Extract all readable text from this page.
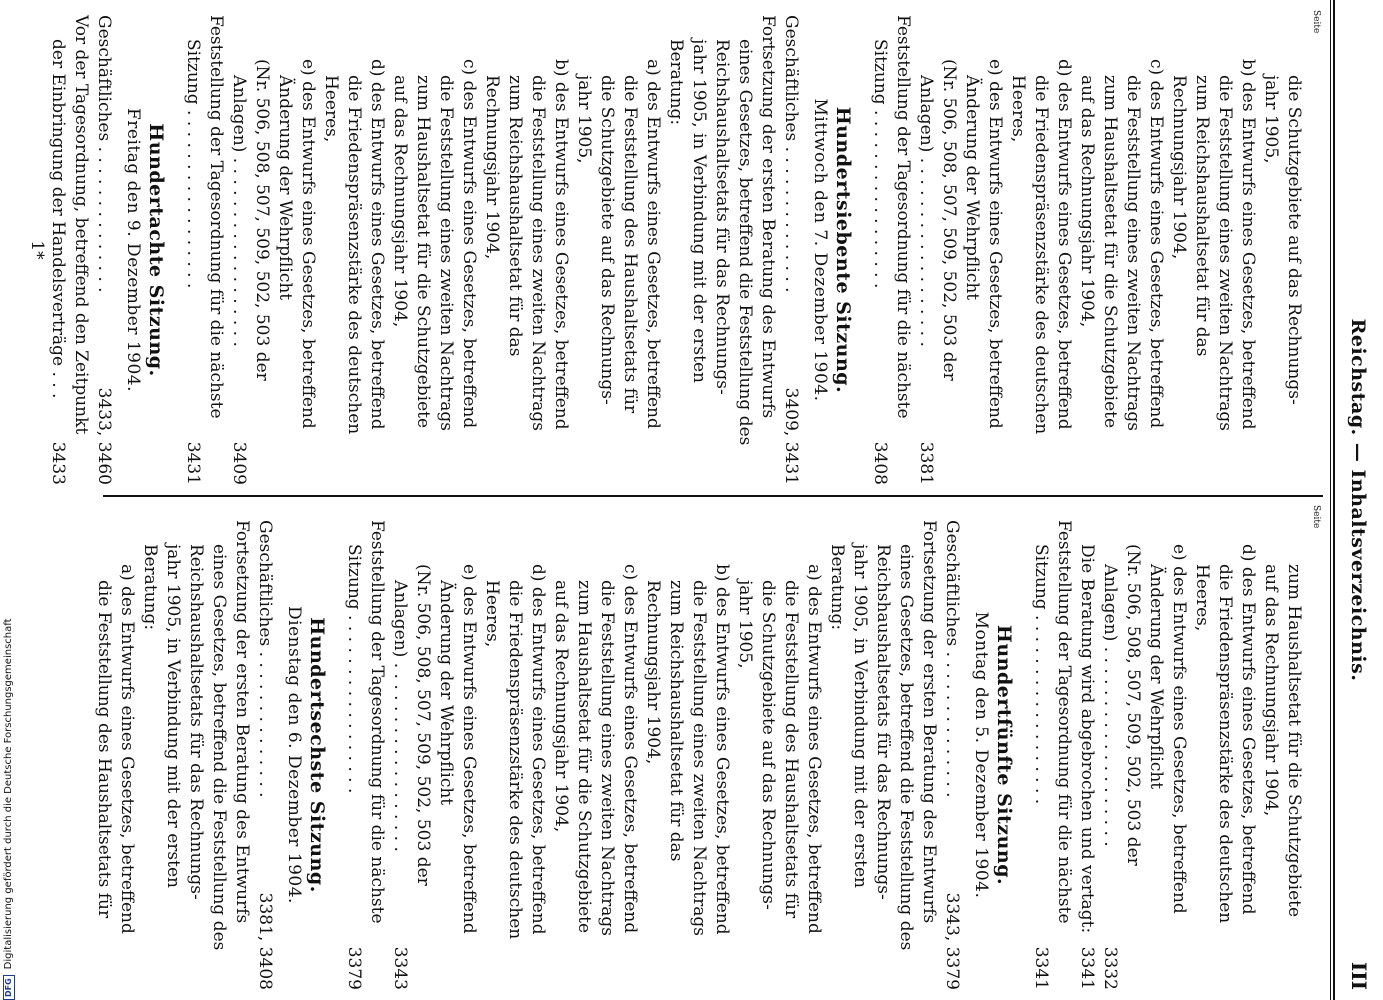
DFG
Digitalisierung gefördert durch die Deutsche Forschungsgemeinschaft
Reichstag. — Inhaltsverzeichnis.
III
Seite
Seite
die Schutzgebiete auf das Rechnungs-
jahr 1905,
b) des Entwurfs eines Gesetzes, betreffend
die Feststellung eines zweiten Nachtrags
zum Reichshaushaltsetat für das
Rechnungsjahr 1904,
c) des Entwurfs eines Gesetzes, betreffend
die Feststellung eines zweiten Nachtrags
zum Haushaltsetat für die Schutzgebiete
auf das Rechnungsjahr 1904,
d) des Entwurfs eines Gesetzes, betreffend
die Friedenspräsenzstärke des deutschen
Heeres,
e) des Entwurfs eines Gesetzes, betreffend
Änderung der Wehrpflicht
(Nr. 506, 508, 507, 509, 502, 503 der
Anlagen) . . . . . . . . . . . . . . . . . .
3381
Feststellung der Tagesordnung für die nächste
Sitzung . . . . . . . . . . . . . . . . .
3408
Hundertsiebente Sitzung.
Mittwoch den 7. Dezember 1904.
Geschäftliches . . . . . . . . . . . . . .
3409, 3431
Fortsetzung der ersten Beratung des Entwurfs
eines Gesetzes, betreffend die Feststellung des
Reichshaushaltsetats für das Rechnungs-
jahr 1905, in Verbindung mit der ersten
Beratung:
a) des Entwurfs eines Gesetzes, betreffend
die Feststellung des Haushaltsetats für
die Schutzgebiete auf das Rechnungs-
jahr 1905,
b) des Entwurfs eines Gesetzes, betreffend
die Feststellung eines zweiten Nachtrags
zum Reichshaushaltsetat für das
Rechnungsjahr 1904,
c) des Entwurfs eines Gesetzes, betreffend
die Feststellung eines zweiten Nachtrags
zum Haushaltsetat für die Schutzgebiete
auf das Rechnungsjahr 1904,
d) des Entwurfs eines Gesetzes, betreffend
die Friedenspräsenzstärke des deutschen
Heeres,
e) des Entwurfs eines Gesetzes, betreffend
Änderung der Wehrpflicht
(Nr. 506, 508, 507, 509, 502, 503 der
Anlagen) . . . . . . . . . . . . . . . . . .
3409
Feststellung der Tagesordnung für die nächste
Sitzung . . . . . . . . . . . . . . . . .
3431
Hundertachte Sitzung.
Freitag den 9. Dezember 1904.
Geschäftliches . . . . . . . . . . . . . .
3433, 3460
Vor der Tagesordnung, betreffend den Zeitpunkt
der Einbringung der Handelsverträge . . .
3433
1*
zum Haushaltsetat für die Schutzgebiete
auf das Rechnungsjahr 1904,
d) des Entwurfs eines Gesetzes, betreffend
die Friedenspräsenzstärke des deutschen
Heeres,
e) des Entwurfs eines Gesetzes, betreffend
Änderung der Wehrpflicht
(Nr. 506, 508, 507, 509, 502, 503 der
Anlagen) . . . . . . . . . . . . . . . . . . .
3332
Die Beratung wird abgebrochen und vertagt:
3341
Feststellung der Tagesordnung für die nächste
Sitzung . . . . . . . . . . . . . . . . . .
3341
Hundertfünfte Sitzung.
Montag den 5. Dezember 1904.
Geschäftliches . . . . . . . . . . . . . .
3343, 3379
Fortsetzung der ersten Beratung des Entwurfs
eines Gesetzes, betreffend die Feststellung des
Reichshaushaltsetats für das Rechnungs-
jahr 1905, in Verbindung mit der ersten
Beratung:
a) des Entwurfs eines Gesetzes, betreffend
die Feststellung des Haushaltsetats für
die Schutzgebiete auf das Rechnungs-
jahr 1905,
b) des Entwurfs eines Gesetzes, betreffend
die Feststellung eines zweiten Nachtrags
zum Reichshaushaltsetat für das
Rechnungsjahr 1904,
c) des Entwurfs eines Gesetzes, betreffend
die Feststellung eines zweiten Nachtrags
zum Haushaltsetat für die Schutzgebiete
auf das Rechnungsjahr 1904,
d) des Entwurfs eines Gesetzes, betreffend
die Friedenspräsenzstärke des deutschen
Heeres,
e) des Entwurfs eines Gesetzes, betreffend
Änderung der Wehrpflicht
(Nr. 506, 508, 507, 509, 502, 503 der
Anlagen) . . . . . . . . . . . . . . . . . .
3343
Feststellung der Tagesordnung für die nächste
Sitzung . . . . . . . . . . . . . . . . .
3379
Hundertsechste Sitzung.
Dienstag den 6. Dezember 1904.
Geschäftliches . . . . . . . . . . . . . .
3381, 3408
Fortsetzung der ersten Beratung des Entwurfs
eines Gesetzes, betreffend die Feststellung des
Reichshaushaltsetats für das Rechnungs-
jahr 1905, in Verbindung mit der ersten
Beratung:
a) des Entwurfs eines Gesetzes, betreffend
die Feststellung des Haushaltsetats für
